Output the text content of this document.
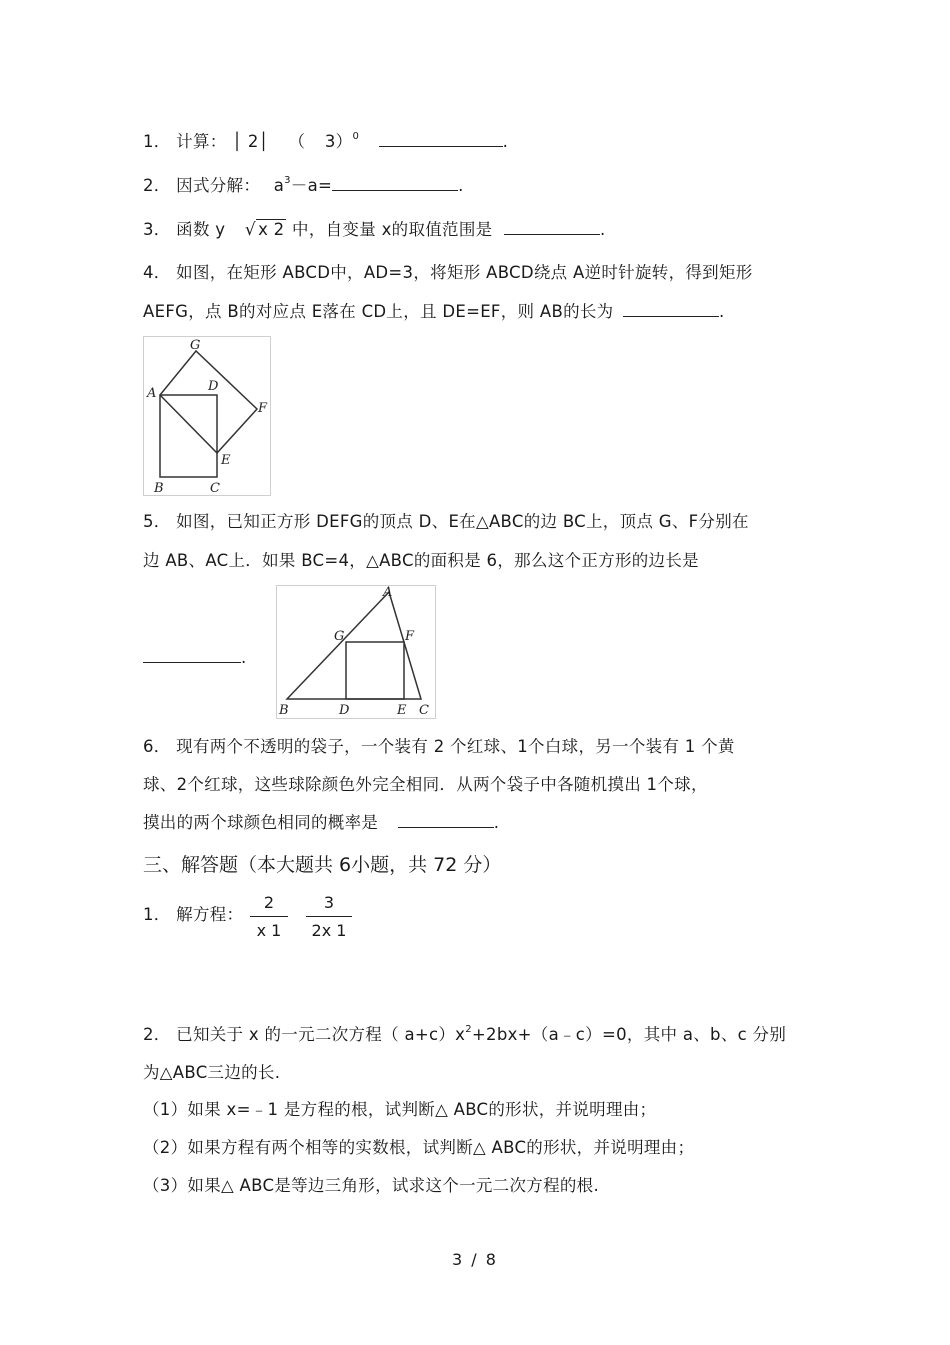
1． 计算： │ 2│ （ 3）$^0$	.
2． 因式分解： $a^3-a=$	.
3． 函数 y √ x 2 中，自变量 x的取值范围是	.
4． 如图，在矩形 ABCD中，AD=3，将矩形 ABCD绕点 A逆时针旋转，得到矩形
AEFG，点 B的对应点 E落在 CD上，且 DE=EF，则 AB的长为	.
G
A	D
F
E
B	C
5． 如图，已知正方形 DEFG的顶点 D、E在△ABC的边 BC上，顶点 G、F分别在
边 AB、AC上．如果 BC=4，△ABC的面积是 6，那么这个正方形的边长是
.
A
G	F
B	D	E C
6． 现有两个不透明的袋子，一个装有 2 个红球、1个白球，另一个装有 1 个黄
球、2个红球，这些球除颜色外完全相同．从两个袋子中各随机摸出 1个球，
摸出的两个球颜色相同的概率是	.
三、解答题（本大题共 6小题，共 72 分）
1． 解方程：
2
x 1
3
2x 1
2． 已知关于 x 的一元二次方程（ $a+c)x^2+2bx+(a﹣c)=0$，其中 a、b、c 分别
为△ABC三边的长.
（1）如果 x=﹣1 是方程的根，试判断△ ABC的形状，并说明理由；
（2）如果方程有两个相等的实数根，试判断△ ABC的形状，并说明理由；
（3）如果△ ABC是等边三角形，试求这个一元二次方程的根.
3 / 8
